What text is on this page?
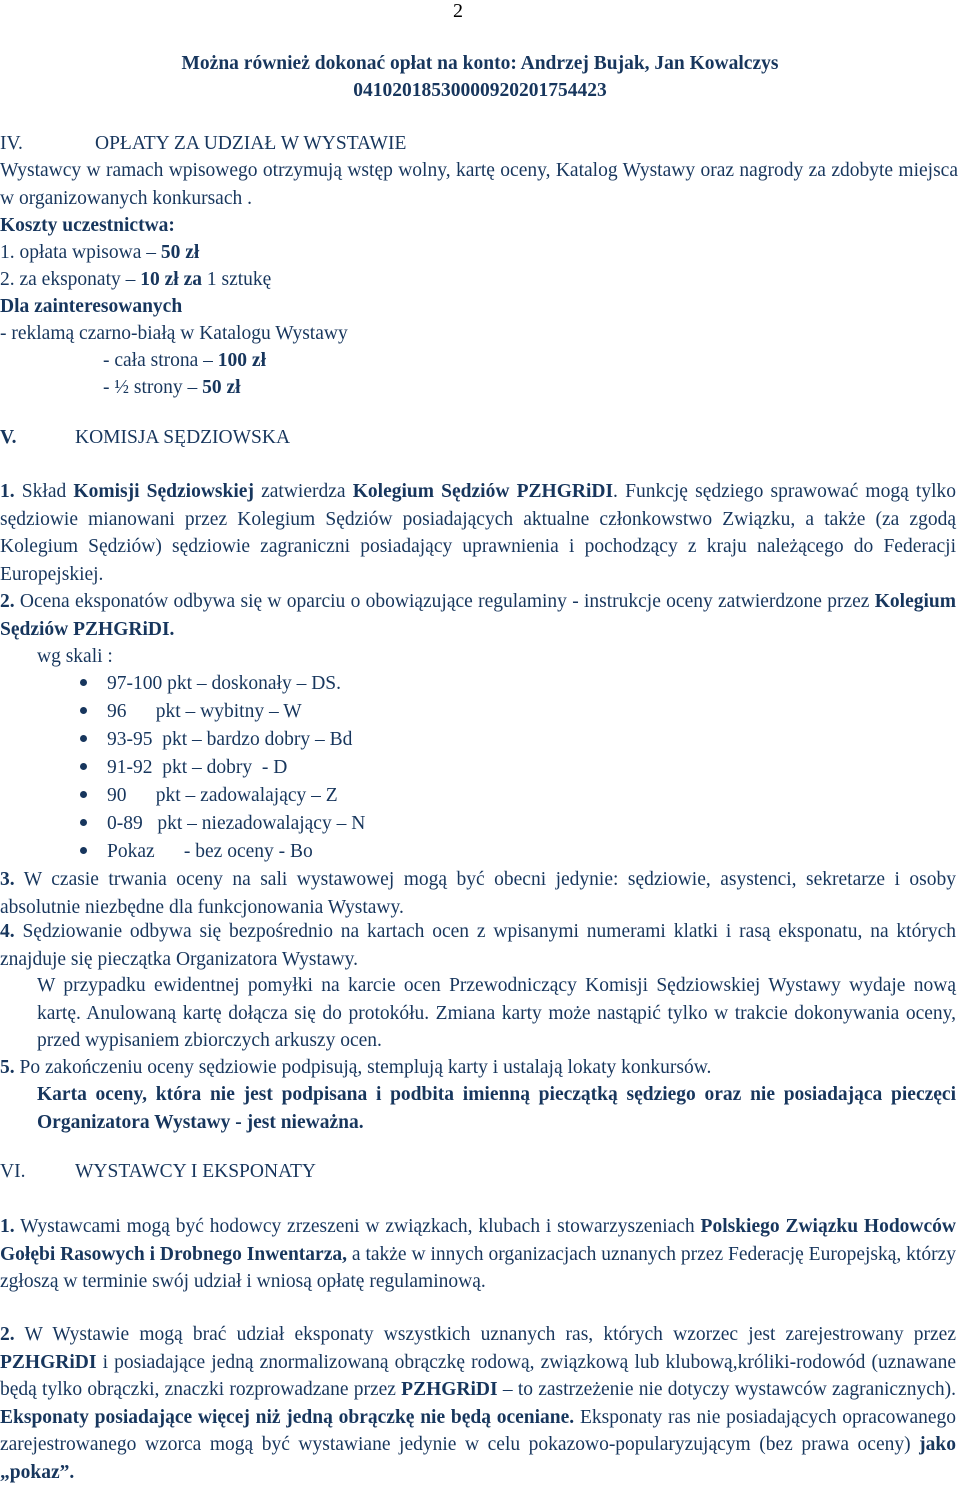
2
Można również dokonać opłat na konto: Andrzej Bujak, Jan Kowalczys
04102018530000920201754423
IV.	OPŁATY ZA UDZIAŁ W WYSTAWIE
Wystawcy w ramach wpisowego otrzymują wstęp wolny, kartę oceny, Katalog Wystawy oraz nagrody za zdobyte miejsca w organizowanych konkursach .
Koszty uczestnictwa:
1. opłata wpisowa – 50 zł
2. za eksponaty – 10 zł za 1 sztukę
Dla zainteresowanych
- reklamą czarno-białą w Katalogu Wystawy
- cała strona – 100 zł
- ½ strony – 50 zł
V.	KOMISJA SĘDZIOWSKA
1. Skład Komisji Sędziowskiej zatwierdza Kolegium Sędziów PZHGRiDI. Funkcję sędziego sprawować mogą tylko sędziowie mianowani przez Kolegium Sędziów posiadających aktualne członkowstwo Związku, a także (za zgodą Kolegium Sędziów) sędziowie zagraniczni posiadający uprawnienia i pochodzący z kraju należącego do Federacji Europejskiej.
2. Ocena eksponatów odbywa się w oparciu o obowiązujące regulaminy - instrukcje oceny zatwierdzone przez Kolegium Sędziów PZHGRiDI.
wg skali :
97-100 pkt – doskonały – DS.
96      pkt – wybitny – W
93-95  pkt – bardzo dobry – Bd
91-92  pkt – dobry  - D
90      pkt – zadowalający – Z
0-89   pkt – niezadowalający – N
Pokaz      - bez oceny - Bo
3. W czasie trwania oceny na sali wystawowej mogą być obecni jedynie: sędziowie, asystenci, sekretarze i osoby absolutnie niezbędne dla funkcjonowania Wystawy.
4. Sędziowanie odbywa się bezpośrednio na kartach ocen z wpisanymi numerami klatki i rasą eksponatu, na których znajduje się pieczątka Organizatora Wystawy.
W przypadku ewidentnej pomyłki na karcie ocen Przewodniczący Komisji Sędziowskiej Wystawy wydaje nową kartę. Anulowaną kartę dołącza się do protokółu. Zmiana karty może nastąpić tylko w trakcie dokonywania oceny, przed wypisaniem zbiorczych arkuszy ocen.
5. Po zakończeniu oceny sędziowie podpisują, stemplują karty i ustalają lokaty konkursów.
Karta oceny, która nie jest podpisana i podbita imienną pieczątką sędziego oraz nie posiadająca pieczęci Organizatora Wystawy - jest nieważna.
VI.	WYSTAWCY I EKSPONATY
1. Wystawcami mogą być hodowcy zrzeszeni w związkach, klubach i stowarzyszeniach Polskiego Związku Hodowców Gołębi Rasowych i Drobnego Inwentarza, a także w innych organizacjach uznanych przez Federację Europejską, którzy zgłoszą w terminie swój udział i wniosą opłatę regulaminową.
2. W Wystawie mogą brać udział eksponaty wszystkich uznanych ras, których wzorzec jest zarejestrowany przez PZHGRiDI i posiadające jedną znormalizowaną obrączkę rodową, związkową lub klubową,króliki-rodowód (uznawane będą tylko obrączki, znaczki rozprowadzane przez PZHGRiDI – to zastrzeżenie nie dotyczy wystawców zagranicznych). Eksponaty posiadające więcej niż jedną obrączkę nie będą oceniane. Eksponaty ras nie posiadających opracowanego zarejestrowanego wzorca mogą być wystawiane jedynie w celu pokazowo-popularyzującym (bez prawa oceny) jako „pokaz”.
